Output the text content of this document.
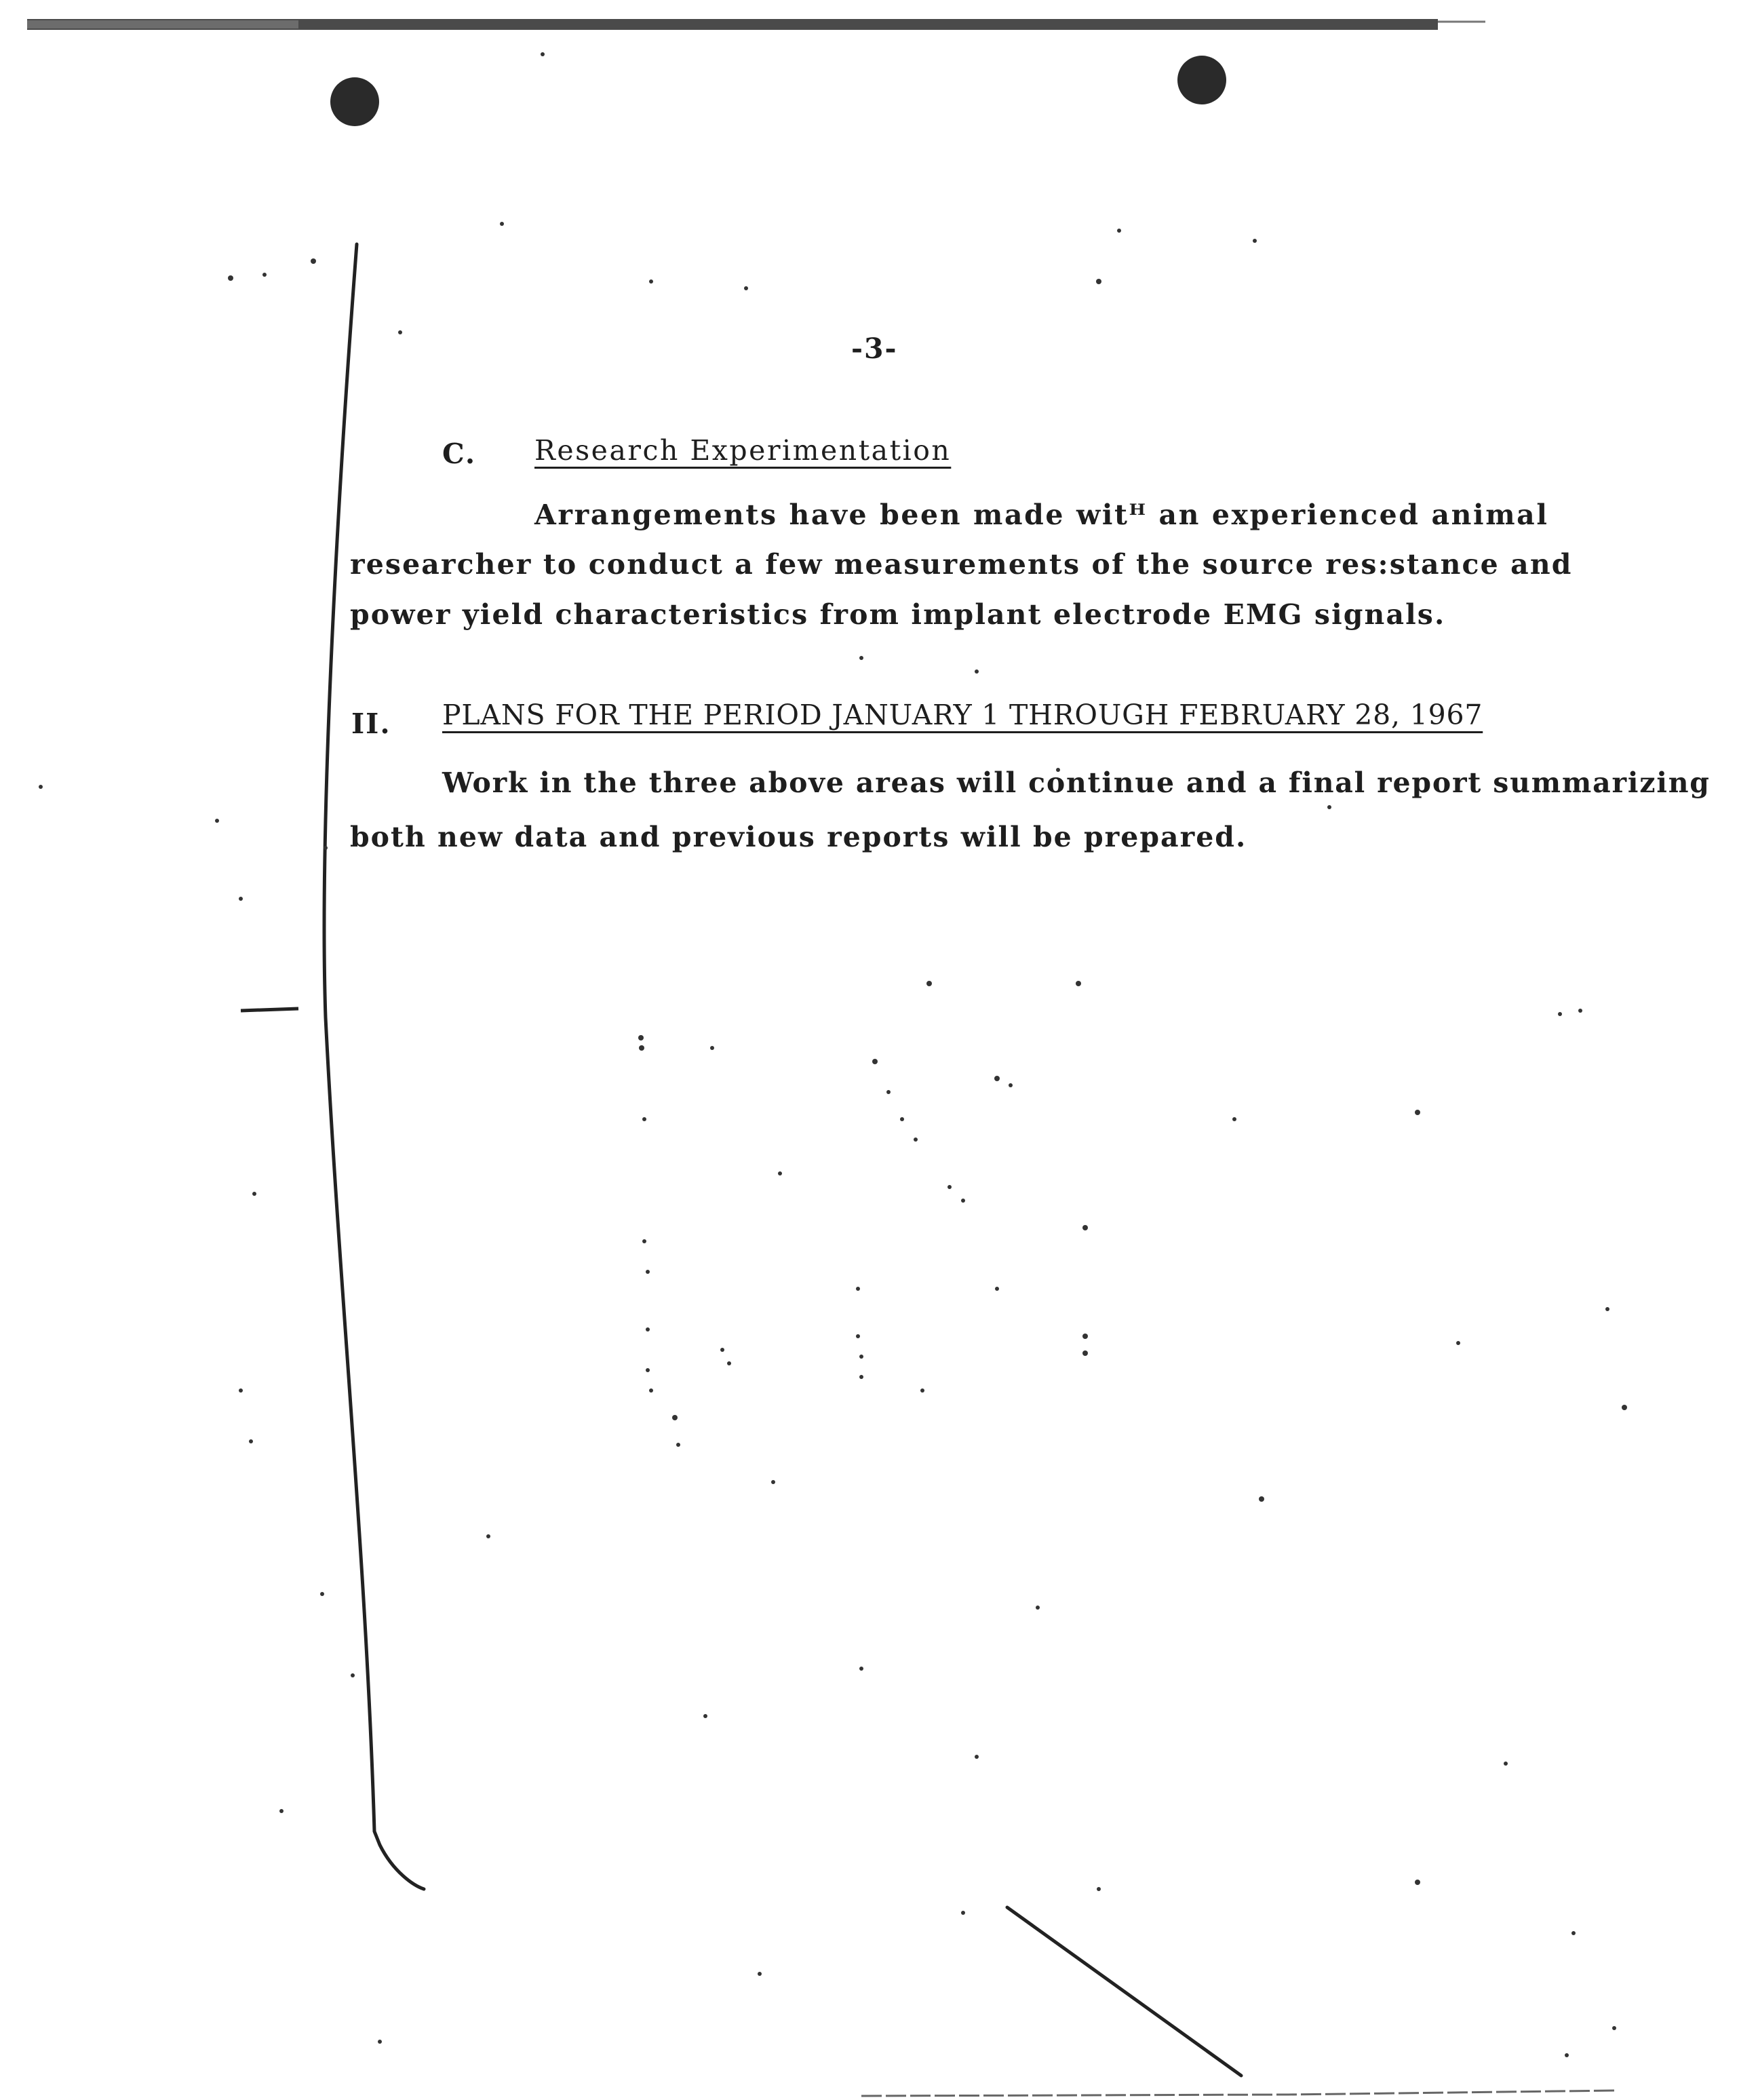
-3-
C. Research Experimentation
Arrangements have been made witᴴ an experienced animal
researcher to conduct a few measurements of the source res:stance and
power yield characteristics from implant electrode EMG signals.
II. PLANS FOR THE PERIOD JANUARY 1 THROUGH FEBRUARY 28, 1967
Work in the three above areas will continue and a final report summarizing
both new data and previous reports will be prepared.
